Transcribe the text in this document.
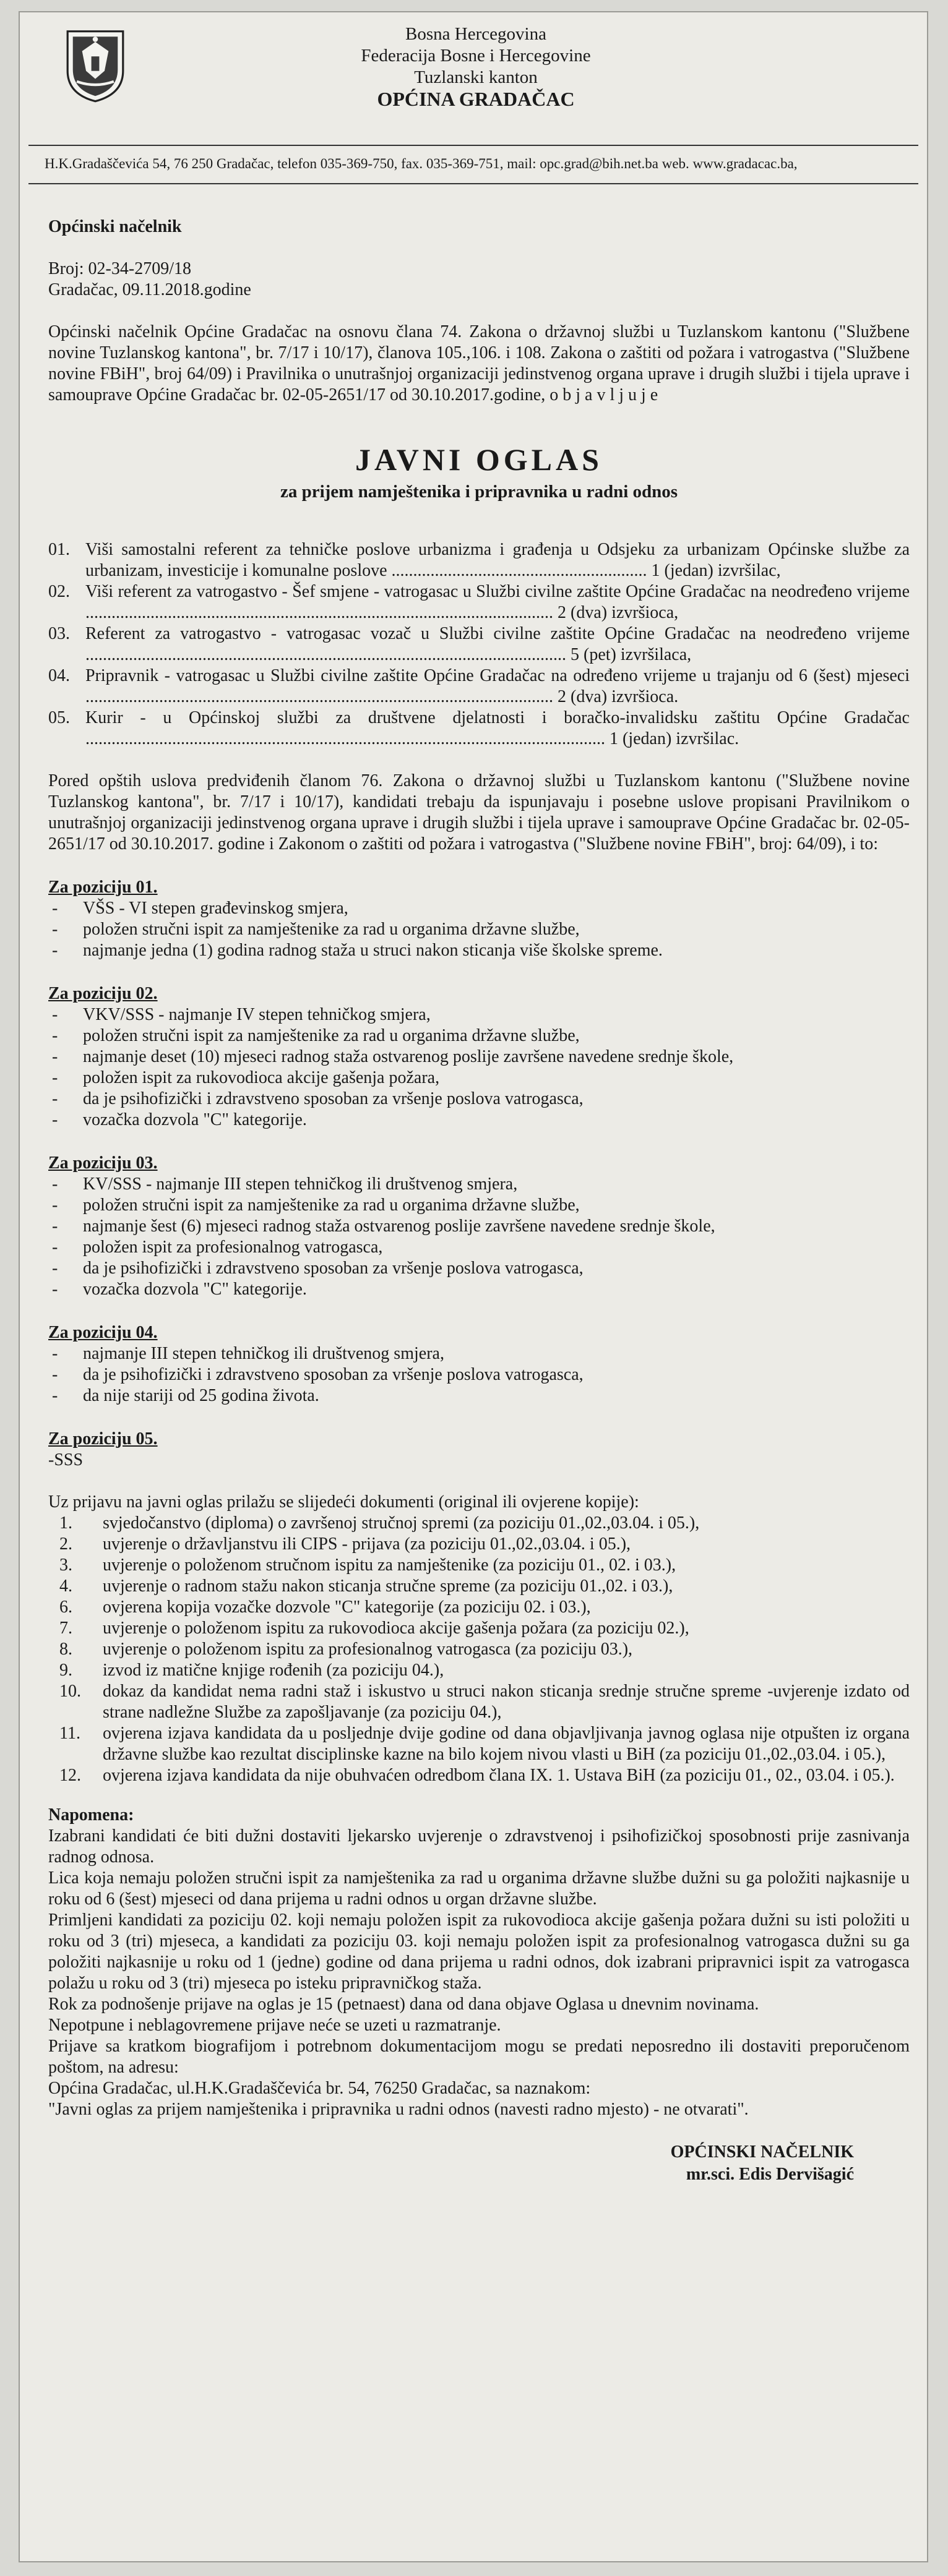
Bosna Hercegovina
Federacija Bosne i Hercegovine
Tuzlanski kanton
OPĆINA GRADAČAC
H.K.Gradaščevića 54, 76 250 Gradačac, telefon 035-369-750, fax. 035-369-751, mail: opc.grad@bih.net.ba web. www.gradacac.ba,

Općinski načelnik

Broj: 02-34-2709/18

Gradačac, 09.11.2018.godine

Općinski načelnik Općine Gradačac na osnovu člana 74. Zakona o državnoj službi u Tuzlanskom kantonu ("Službene novine Tuzlanskog kantona", br. 7/17 i 10/17), članova 105.,106. i 108. Zakona o zaštiti od požara i vatrogastva ("Službene novine FBiH", broj 64/09) i Pravilnika o unutrašnjoj organizaciji jedinstvenog organa uprave i drugih službi i tijela uprave i samouprave Općine Gradačac br. 02-05-2651/17 od 30.10.2017.godine, o b j a v l j u j e

JAVNI OGLAS
za prijem namještenika i pripravnika u radni odnos
01. Viši samostalni referent za tehničke poslove urbanizma i građenja u Odsjeku za urbanizam Općinske službe za urbanizam, investicije i komunalne poslove ........................................................... 1 (jedan) izvršilac,
02. Viši referent za vatrogastvo - Šef smjene - vatrogasac u Službi civilne zaštite Općine Gradačac na neodređeno vrijeme ............................................................................................................ 2 (dva) izvršioca,
03. Referent za vatrogastvo - vatrogasac vozač u Službi civilne zaštite Općine Gradačac na neodređeno vrijeme ............................................................................................................... 5 (pet) izvršilaca,
04. Pripravnik - vatrogasac u Službi civilne zaštite Općine Gradačac na određeno vrijeme u trajanju od 6 (šest) mjeseci ............................................................................................................ 2 (dva) izvršioca.
05. Kurir - u Općinskoj službi za društvene djelatnosti i boračko-invalidsku zaštitu Općine Gradačac ........................................................................................................................ 1 (jedan) izvršilac.

Pored opštih uslova predviđenih članom 76. Zakona o državnoj službi u Tuzlanskom kantonu ("Službene novine Tuzlanskog kantona", br. 7/17 i 10/17), kandidati trebaju da ispunjavaju i posebne uslove propisani Pravilnikom o unutrašnjoj organizaciji jedinstvenog organa uprave i drugih službi i tijela uprave i samouprave Općine Gradačac br. 02-05-2651/17 od 30.10.2017. godine i Zakonom o zaštiti od požara i vatrogastva ("Službene novine FBiH", broj: 64/09), i to:

Za poziciju 01.

-	VŠS - VI stepen građevinskog smjera,
-	položen stručni ispit za namještenike za rad u organima državne službe,
-	najmanje jedna (1) godina radnog staža u struci nakon sticanja više školske spreme.

Za poziciju 02.

-	VKV/SSS - najmanje IV stepen tehničkog smjera,
-	položen stručni ispit za namještenike za rad u organima državne službe,
-	najmanje deset (10) mjeseci radnog staža ostvarenog poslije završene navedene srednje škole,
-	položen ispit za rukovodioca akcije gašenja požara,
-	da je psihofizički i zdravstveno sposoban za vršenje poslova vatrogasca,
-	vozačka dozvola "C" kategorije.

Za poziciju 03.

-	KV/SSS - najmanje III stepen tehničkog ili društvenog smjera,
-	položen stručni ispit za namještenike za rad u organima državne službe,
-	najmanje šest (6) mjeseci radnog staža ostvarenog poslije završene navedene srednje škole,
-	položen ispit za profesionalnog vatrogasca,
-	da je psihofizički i zdravstveno sposoban za vršenje poslova vatrogasca,
-	vozačka dozvola "C" kategorije.

Za poziciju 04.

-	najmanje III stepen tehničkog ili društvenog smjera,
-	da je psihofizički i zdravstveno sposoban za vršenje poslova vatrogasca,
-	da nije stariji od 25 godina života.

Za poziciju 05.

-SSS

Uz prijavu na javni oglas prilažu se slijedeći dokumenti (original ili ovjerene kopije):

1.	svjedočanstvo (diploma) o završenoj stručnoj spremi (za poziciju 01.,02.,03.04. i 05.),
2.	uvjerenje o državljanstvu ili CIPS - prijava (za poziciju 01.,02.,03.04. i 05.),
3.	uvjerenje o položenom stručnom ispitu za namještenike (za poziciju 01., 02. i 03.),
4.	uvjerenje o radnom stažu nakon sticanja stručne spreme (za poziciju 01.,02. i 03.),
6.	ovjerena kopija vozačke dozvole "C" kategorije (za poziciju 02. i 03.),
7.	uvjerenje o položenom ispitu za rukovodioca akcije gašenja požara (za poziciju 02.),
8.	uvjerenje o položenom ispitu za profesionalnog vatrogasca (za poziciju 03.),
9.	izvod iz matične knjige rođenih (za poziciju 04.),
10.	dokaz da kandidat nema radni staž i iskustvo u struci nakon sticanja srednje stručne spreme -uvjerenje izdato od strane nadležne Službe za zapošljavanje (za poziciju 04.),
11.	ovjerena izjava kandidata da u posljednje dvije godine od dana objavljivanja javnog oglasa nije otpušten iz organa državne službe kao rezultat disciplinske kazne na bilo kojem nivou vlasti u BiH (za poziciju 01.,02.,03.04. i 05.),
12.	ovjerena izjava kandidata da nije obuhvaćen odredbom člana IX. 1. Ustava BiH (za poziciju 01., 02., 03.04. i 05.).

Napomena:

Izabrani kandidati će biti dužni dostaviti ljekarsko uvjerenje o zdravstvenoj i psihofizičkoj sposobnosti prije zasnivanja radnog odnosa.

Lica koja nemaju položen stručni ispit za namještenika za rad u organima državne službe dužni su ga položiti najkasnije u roku od 6 (šest) mjeseci od dana prijema u radni odnos u organ državne službe.

Primljeni kandidati za poziciju 02. koji nemaju položen ispit za rukovodioca akcije gašenja požara dužni su isti položiti u roku od 3 (tri) mjeseca, a kandidati za poziciju 03. koji nemaju položen ispit za profesionalnog vatrogasca dužni su ga položiti najkasnije u roku od 1 (jedne) godine od dana prijema u radni odnos, dok izabrani pripravnici ispit za vatrogasca polažu u roku od 3 (tri) mjeseca po isteku pripravničkog staža.

Rok za podnošenje prijave na oglas je 15 (petnaest) dana od dana objave Oglasa u dnevnim novinama.

Nepotpune i neblagovremene prijave neće se uzeti u razmatranje.

Prijave sa kratkom biografijom i potrebnom dokumentacijom mogu se predati neposredno ili dostaviti preporučenom poštom, na adresu:

Općina Gradačac, ul.H.K.Gradaščevića br. 54, 76250 Gradačac, sa naznakom:

"Javni oglas za prijem namještenika i pripravnika u radni odnos (navesti radno mjesto) - ne otvarati".

OPĆINSKI NAČELNIK
mr.sci. Edis Dervišagić
